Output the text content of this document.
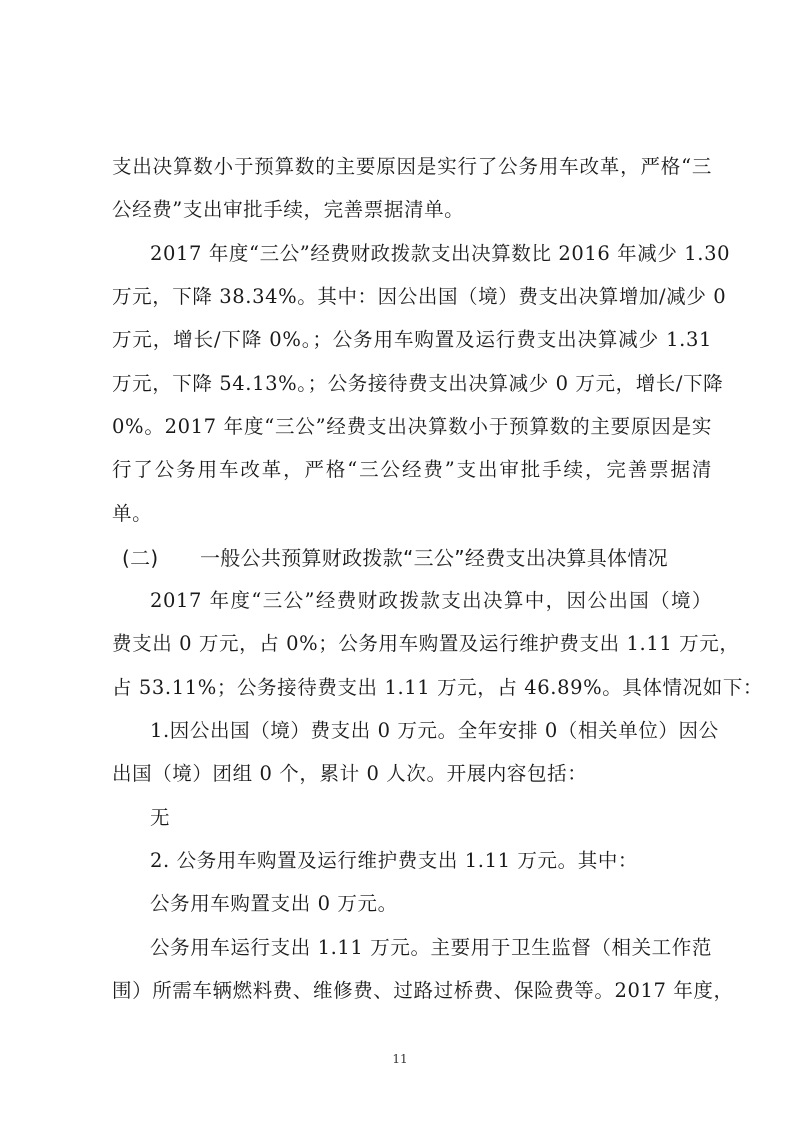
支出决算数小于预算数的主要原因是实行了公务用车改革，严格“三
公经费”支出审批手续，完善票据清单。
2017 年度“三公”经费财政拨款支出决算数比 2016 年减少 1.30
万元，下降 38.34%。其中：因公出国（境）费支出决算增加/减少 0
万元，增长/下降 0%。；公务用车购置及运行费支出决算减少 1.31
万元，下降 54.13%。；公务接待费支出决算减少 0 万元，增长/下降
0%。2017 年度“三公”经费支出决算数小于预算数的主要原因是实
行了公务用车改革，严格“三公经费”支出审批手续，完善票据清
单。
(二) 一般公共预算财政拨款“三公”经费支出决算具体情况
2017 年度“三公”经费财政拨款支出决算中，因公出国（境）
费支出 0 万元，占 0%；公务用车购置及运行维护费支出 1.11 万元，
占 53.11%；公务接待费支出 1.11 万元，占 46.89%。具体情况如下：
1.因公出国（境）费支出 0 万元。全年安排 0（相关单位）因公
出国（境）团组 0 个，累计 0 人次。开展内容包括：
无
2. 公务用车购置及运行维护费支出 1.11 万元。其中：
公务用车购置支出 0 万元。
公务用车运行支出 1.11 万元。主要用于卫生监督（相关工作范
围）所需车辆燃料费、维修费、过路过桥费、保险费等。2017 年度，
11
